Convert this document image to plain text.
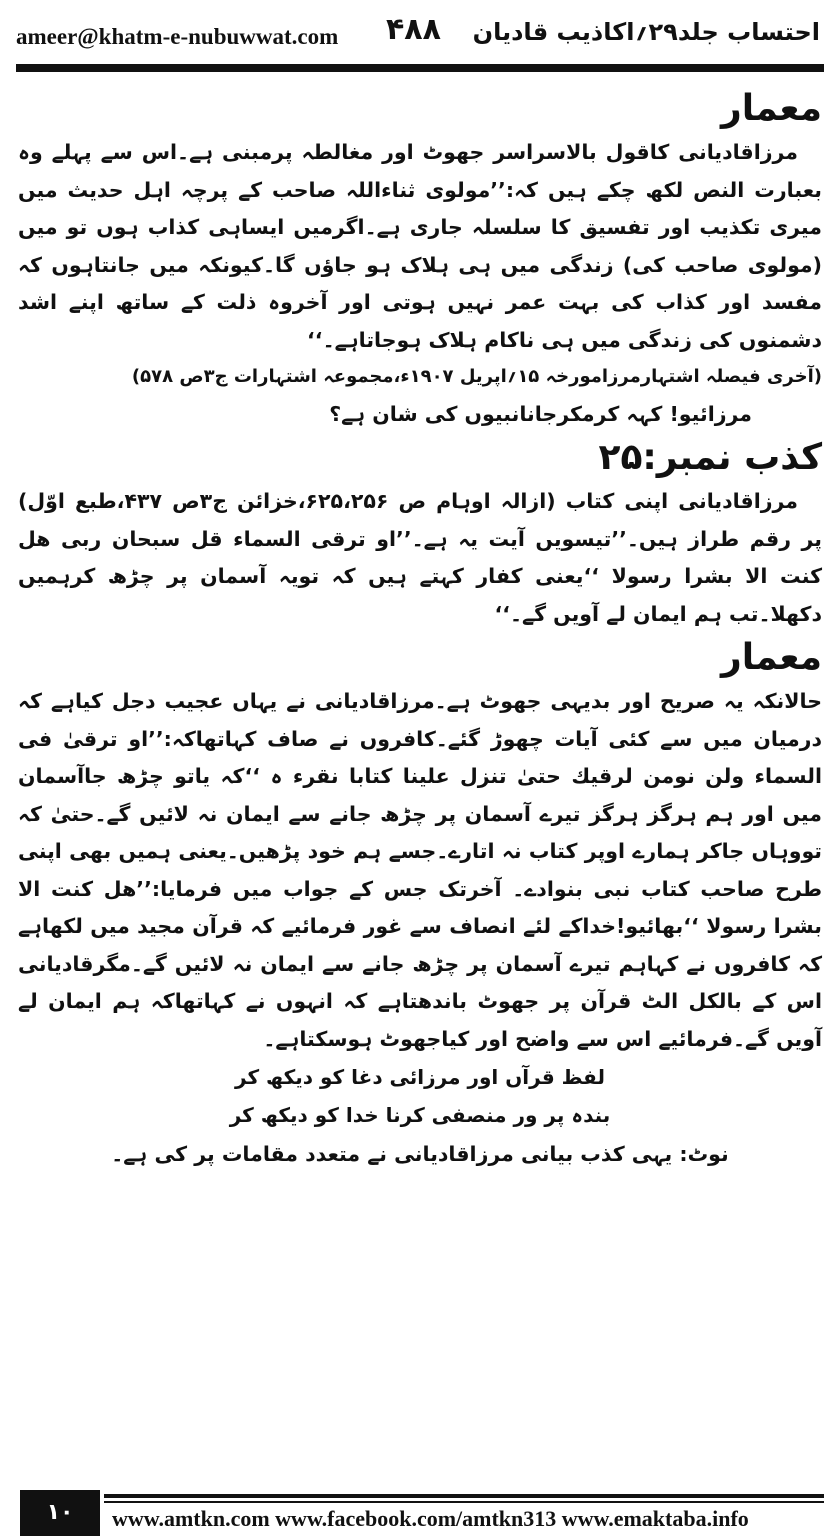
ameer@khatm-e-nubuwwat.com ۴۸۸ احتساب جلد۲۹؍اکاذیب قادیان
معمار
مرزاقادیانی کاقول بالاسراسر جھوٹ اور مغالطہ پرمبنی ہے۔اس سے پہلے وہ بعبارت النص لکھ چکے ہیں کہ:’’مولوی ثناءاللہ صاحب کے پرچہ اہل حدیث میں میری تکذیب اور تفسیق کا سلسلہ جاری ہے۔اگرمیں ایساہی کذاب ہوں تو میں (مولوی صاحب کی) زندگی میں ہی ہلاک ہو جاؤں گا۔کیونکہ میں جانتاہوں کہ مفسد اور کذاب کی بہت عمر نہیں ہوتی اور آخروہ ذلت کے ساتھ اپنے اشد دشمنوں کی زندگی میں ہی ناکام ہلاک ہوجاتاہے۔‘‘
(آخری فیصلہ اشتہارمرزامورخہ ۱۵؍اپریل ۱۹۰۷ء،مجموعہ اشتہارات ج۳ص ۵۷۸)
مرزائیو! کہہ کرمکرجانانبیوں کی شان ہے؟
کذب نمبر:۲۵
مرزاقادیانی اپنی کتاب (ازالہ اوہام ص ۶۲۵،۲۵۶،خزائن ج۳ص ۴۳۷،طبع اوّل) پر رقم طراز ہیں۔’’تیسویں آیت یہ ہے۔’’او ترقی السماء قل سبحان ربی ھل کنت الا بشرا رسولا ‘‘یعنی کفار کہتے ہیں کہ تویہ آسمان پر چڑھ کرہمیں دکھلا۔تب ہم ایمان لے آویں گے۔‘‘
معمار
حالانکہ یہ صریح اور بدیہی جھوٹ ہے۔مرزاقادیانی نے یہاں عجیب دجل کیاہے کہ درمیان میں سے کئی آیات چھوڑ گئے۔کافروں نے صاف کہاتھاکہ:’’او ترقیٰ فی السماء ولن نومن لرقیك حتیٰ تنزل علینا کتابا نقرء ہ ‘‘کہ یاتو چڑھ جاآسمان میں اور ہم ہرگز ہرگز تیرے آسمان پر چڑھ جانے سے ایمان نہ لائیں گے۔حتیٰ کہ تووہاں جاکر ہمارے اوپر کتاب نہ اتارے۔جسے ہم خود پڑھیں۔یعنی ہمیں بھی اپنی طرح صاحب کتاب نبی بنوادے۔ آخرتک جس کے جواب میں فرمایا:’’ھل کنت الا بشرا رسولا ‘‘بھائیو!خداکے لئے انصاف سے غور فرمائیے کہ قرآن مجید میں لکھاہے کہ کافروں نے کہاہم تیرے آسمان پر چڑھ جانے سے ایمان نہ لائیں گے۔مگرقادیانی اس کے بالکل الٹ قرآن پر جھوٹ باندھتاہے کہ انہوں نے کہاتھاکہ ہم ایمان لے آویں گے۔فرمائیے اس سے واضح اور کیاجھوٹ ہوسکتاہے۔
لفظ قرآں اور مرزائی دغا کو دیکھ کر
بندہ پر ور منصفی کرنا خدا کو دیکھ کر
نوٹ: یہی کذب بیانی مرزاقادیانی نے متعدد مقامات پر کی ہے۔
۱۰	www.amtkn.com www.facebook.com/amtkn313 www.emaktaba.info
